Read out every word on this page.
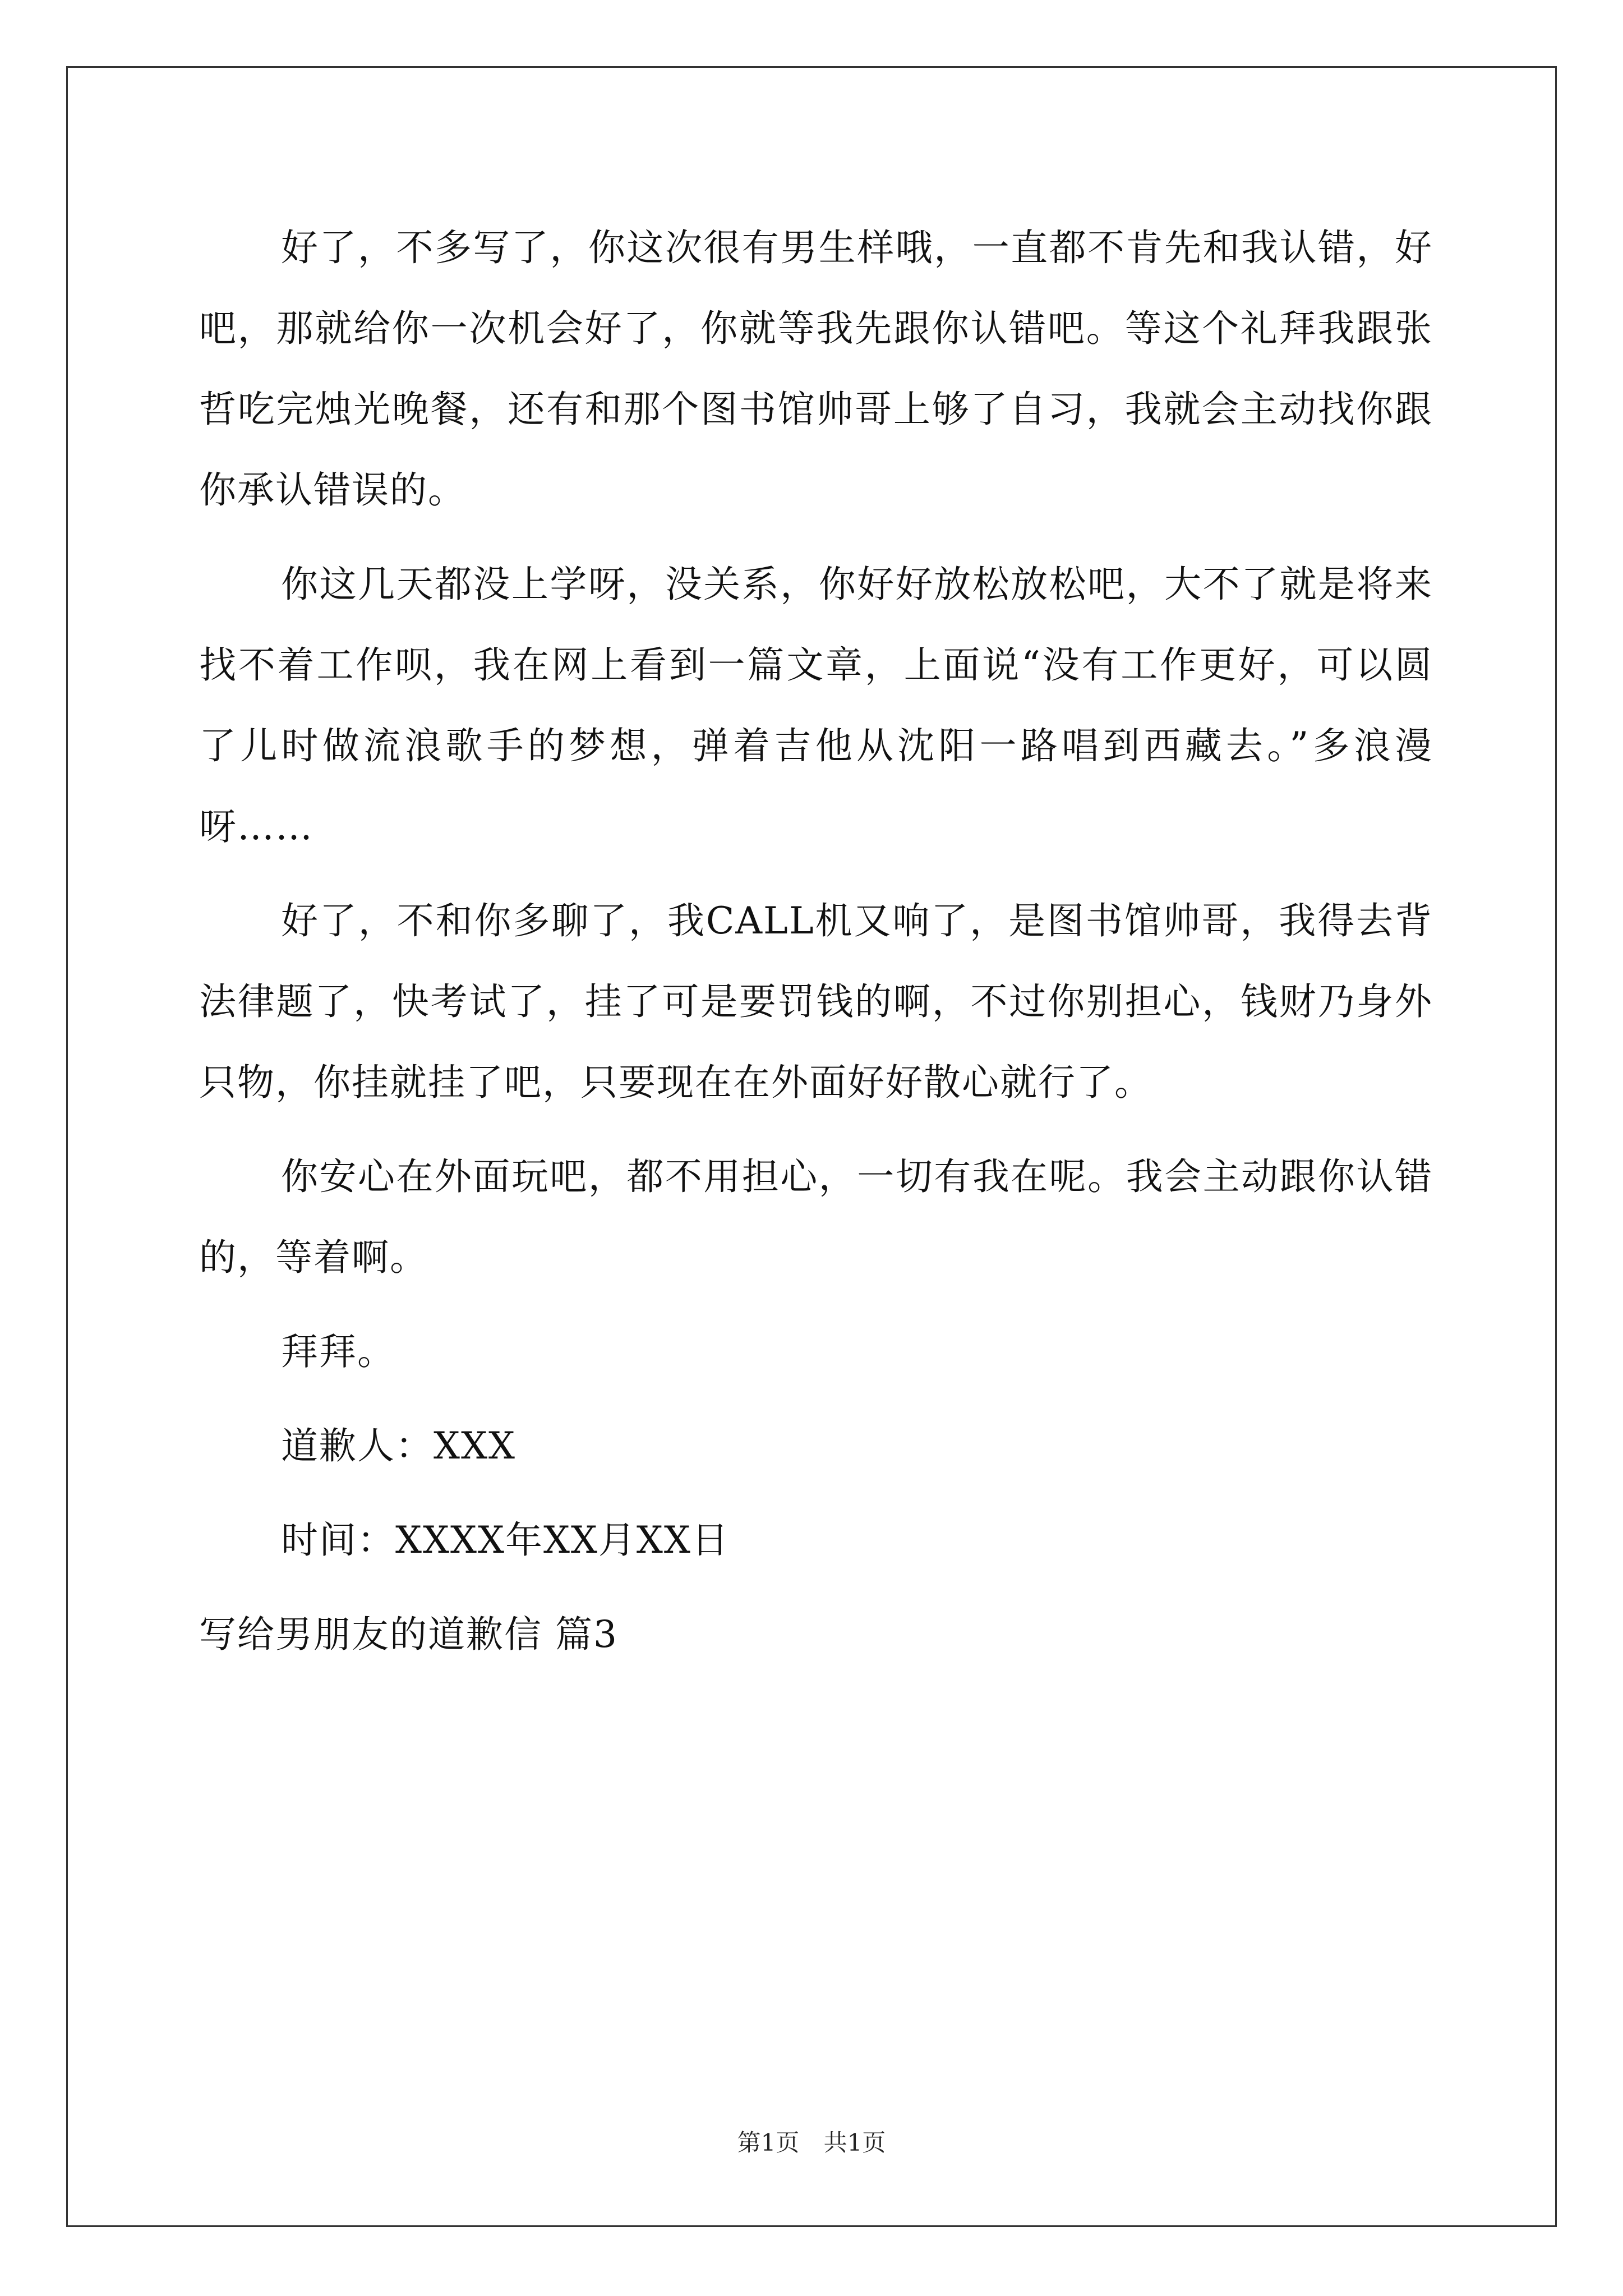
好了，不多写了，你这次很有男生样哦，一直都不肯先和我认错，好吧，那就给你一次机会好了，你就等我先跟你认错吧。等这个礼拜我跟张哲吃完烛光晚餐，还有和那个图书馆帅哥上够了自习，我就会主动找你跟你承认错误的。

你这几天都没上学呀，没关系，你好好放松放松吧，大不了就是将来找不着工作呗，我在网上看到一篇文章，上面说“没有工作更好，可以圆了儿时做流浪歌手的梦想，弹着吉他从沈阳一路唱到西藏去。”多浪漫呀……

好了，不和你多聊了，我CALL机又响了，是图书馆帅哥，我得去背法律题了，快考试了，挂了可是要罚钱的啊，不过你别担心，钱财乃身外只物，你挂就挂了吧，只要现在在外面好好散心就行了。

你安心在外面玩吧，都不用担心，一切有我在呢。我会主动跟你认错的，等着啊。

拜拜。

道歉人：XXX

时间：XXXX年XX月XX日

写给男朋友的道歉信 篇3

第1页 共1页
